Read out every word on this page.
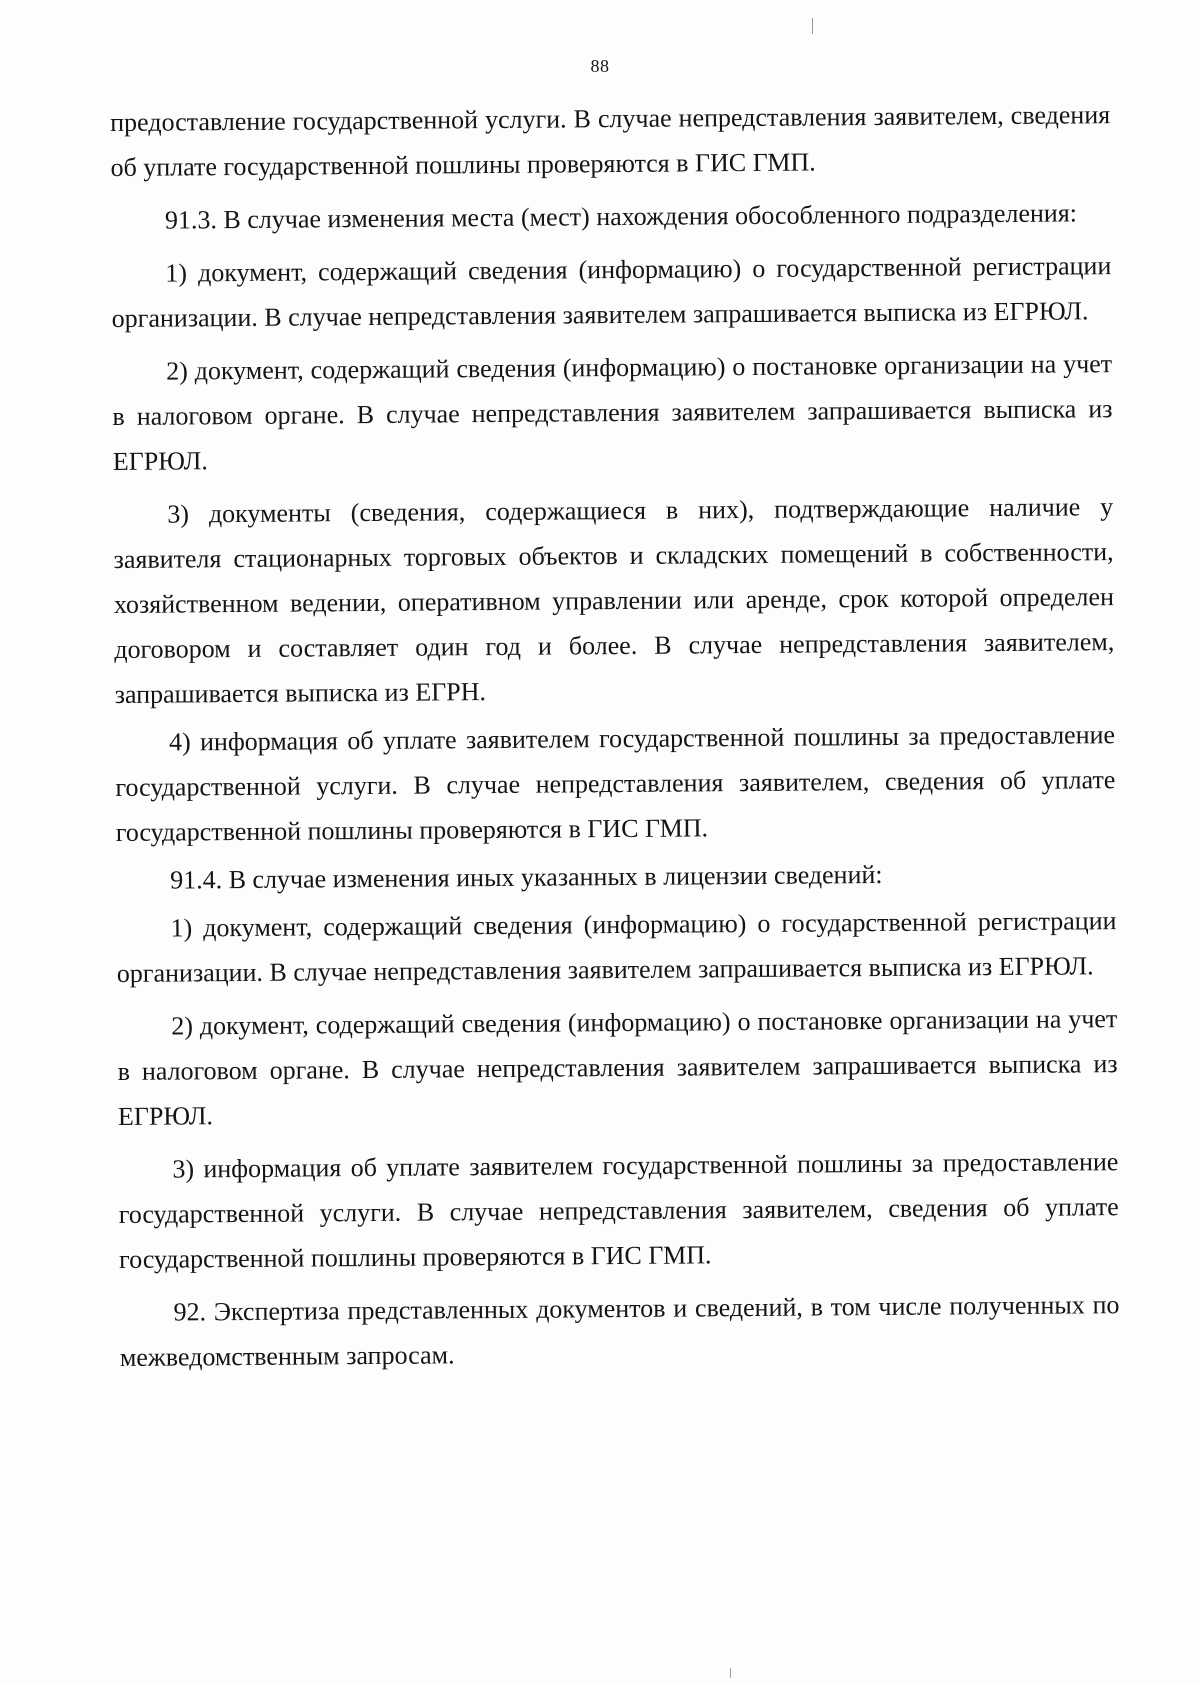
88

предоставление государственной услуги. В случае непредставления заявителем, сведения об уплате государственной пошлины проверяются в ГИС ГМП.

91.3. В случае изменения места (мест) нахождения обособленного подразделения:

1) документ, содержащий сведения (информацию) о государственной регистрации организации. В случае непредставления заявителем запрашивается выписка из ЕГРЮЛ.

2) документ, содержащий сведения (информацию) о постановке организации на учет в налоговом органе. В случае непредставления заявителем запрашивается выписка из ЕГРЮЛ.

3) документы (сведения, содержащиеся в них), подтверждающие наличие у заявителя стационарных торговых объектов и складских помещений в собственности, хозяйственном ведении, оперативном управлении или аренде, срок которой определен договором и составляет один год и более. В случае непредставления заявителем, запрашивается выписка из ЕГРН.

4) информация об уплате заявителем государственной пошлины за предоставление государственной услуги. В случае непредставления заявителем, сведения об уплате государственной пошлины проверяются в ГИС ГМП.

91.4. В случае изменения иных указанных в лицензии сведений:

1) документ, содержащий сведения (информацию) о государственной регистрации организации. В случае непредставления заявителем запрашивается выписка из ЕГРЮЛ.

2) документ, содержащий сведения (информацию) о постановке организации на учет в налоговом органе. В случае непредставления заявителем запрашивается выписка из ЕГРЮЛ.

3) информация об уплате заявителем государственной пошлины за предоставление государственной услуги. В случае непредставления заявителем, сведения об уплате государственной пошлины проверяются в ГИС ГМП.

92. Экспертиза представленных документов и сведений, в том числе полученных по межведомственным запросам.
